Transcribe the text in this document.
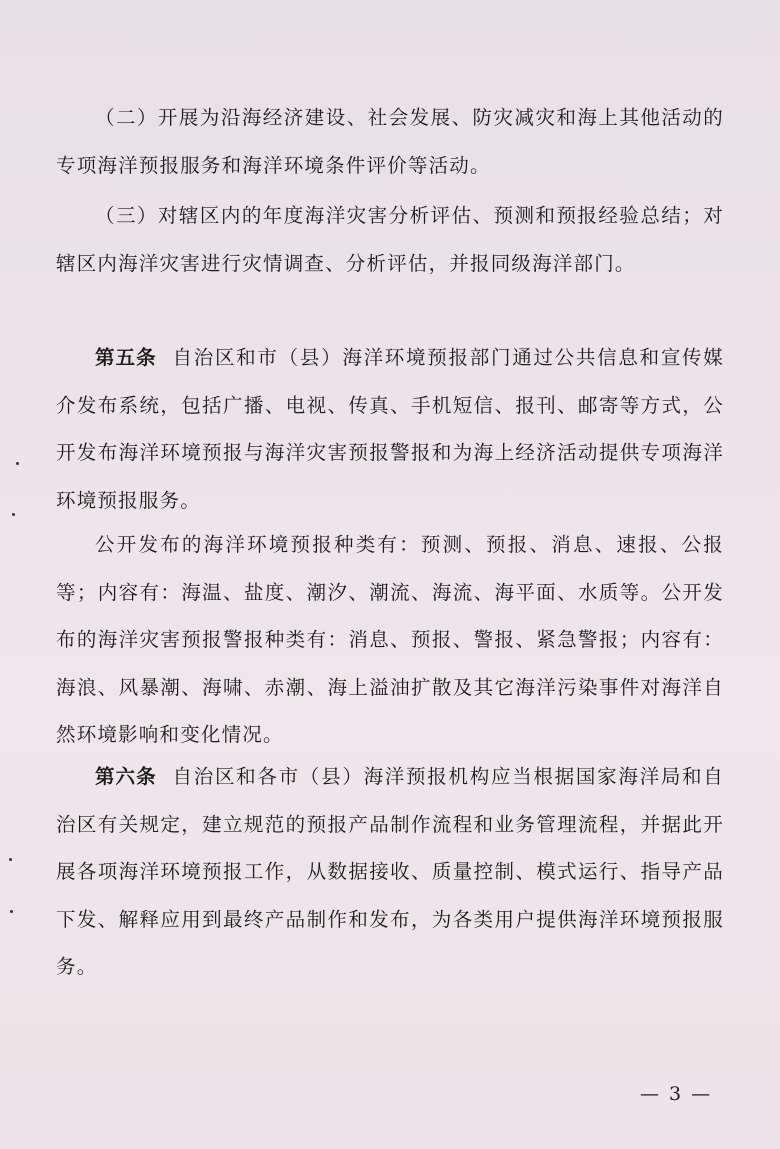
（二）开展为沿海经济建设、社会发展、防灾减灾和海上其他活动的专项海洋预报服务和海洋环境条件评价等活动。

（三）对辖区内的年度海洋灾害分析评估、预测和预报经验总结；对辖区内海洋灾害进行灾情调查、分析评估，并报同级海洋部门。

第五条 自治区和市（县）海洋环境预报部门通过公共信息和宣传媒介发布系统，包括广播、电视、传真、手机短信、报刊、邮寄等方式，公开发布海洋环境预报与海洋灾害预报警报和为海上经济活动提供专项海洋环境预报服务。

公开发布的海洋环境预报种类有：预测、预报、消息、速报、公报等；内容有：海温、盐度、潮汐、潮流、海流、海平面、水质等。公开发布的海洋灾害预报警报种类有：消息、预报、警报、紧急警报；内容有：海浪、风暴潮、海啸、赤潮、海上溢油扩散及其它海洋污染事件对海洋自然环境影响和变化情况。

第六条 自治区和各市（县）海洋预报机构应当根据国家海洋局和自治区有关规定，建立规范的预报产品制作流程和业务管理流程，并据此开展各项海洋环境预报工作，从数据接收、质量控制、模式运行、指导产品下发、解释应用到最终产品制作和发布，为各类用户提供海洋环境预报服务。

— 3 —
